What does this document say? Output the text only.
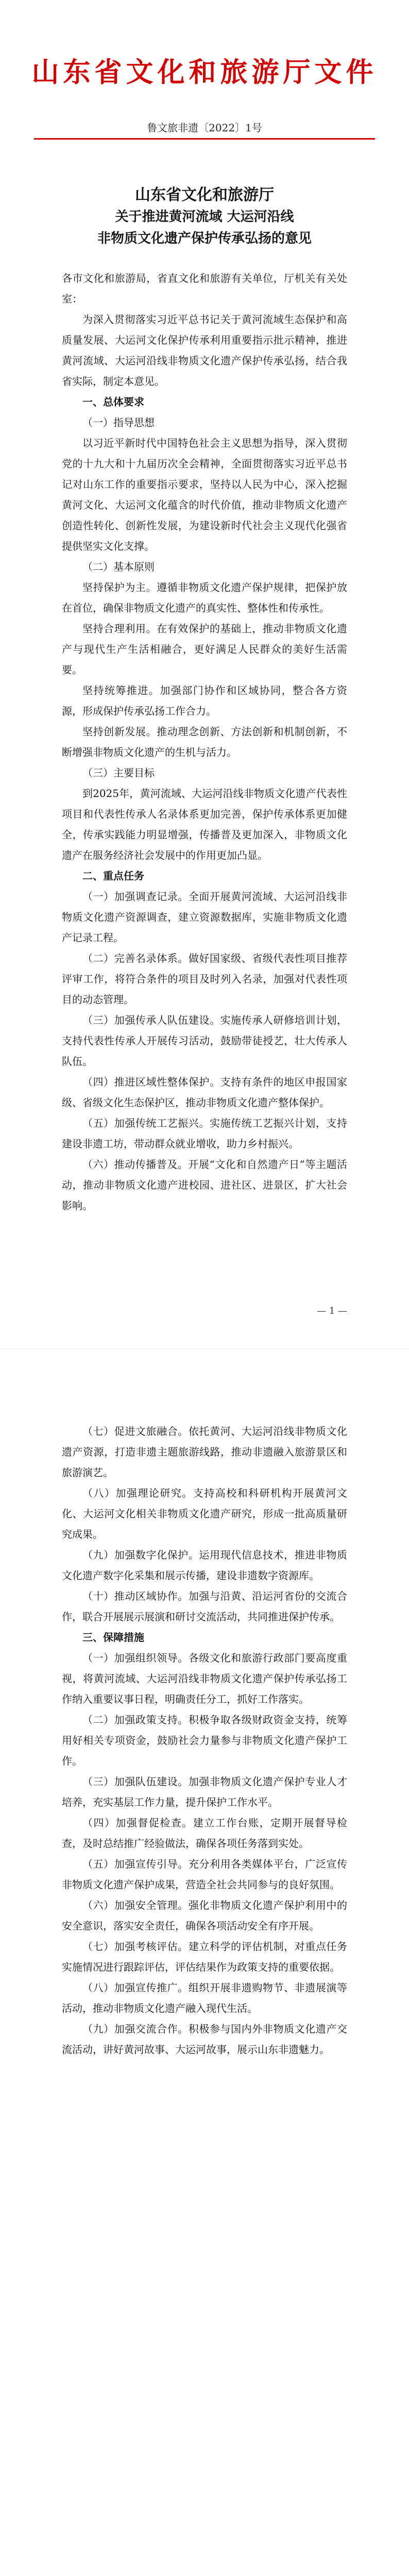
山东省文化和旅游厅文件
鲁文旅非遗〔2022〕1号
山东省文化和旅游厅
关于推进黄河流域 大运河沿线
非物质文化遗产保护传承弘扬的意见

各市文化和旅游局，省直文化和旅游有关单位，厅机关有关处室：

为深入贯彻落实习近平总书记关于黄河流域生态保护和高质量发展、大运河文化保护传承利用重要指示批示精神，推进黄河流域、大运河沿线非物质文化遗产保护传承弘扬，结合我省实际，制定本意见。

一、总体要求

（一）指导思想

以习近平新时代中国特色社会主义思想为指导，深入贯彻党的十九大和十九届历次全会精神，全面贯彻落实习近平总书记对山东工作的重要指示要求，坚持以人民为中心，深入挖掘黄河文化、大运河文化蕴含的时代价值，推动非物质文化遗产创造性转化、创新性发展，为建设新时代社会主义现代化强省提供坚实文化支撑。

（二）基本原则

坚持保护为主。遵循非物质文化遗产保护规律，把保护放在首位，确保非物质文化遗产的真实性、整体性和传承性。

坚持合理利用。在有效保护的基础上，推动非物质文化遗产与现代生产生活相融合，更好满足人民群众的美好生活需要。

坚持统筹推进。加强部门协作和区域协同，整合各方资源，形成保护传承弘扬工作合力。

坚持创新发展。推动理念创新、方法创新和机制创新，不断增强非物质文化遗产的生机与活力。

（三）主要目标

到2025年，黄河流域、大运河沿线非物质文化遗产代表性项目和代表性传承人名录体系更加完善，保护传承体系更加健全，传承实践能力明显增强，传播普及更加深入，非物质文化遗产在服务经济社会发展中的作用更加凸显。

二、重点任务

（一）加强调查记录。全面开展黄河流域、大运河沿线非物质文化遗产资源调查，建立资源数据库，实施非物质文化遗产记录工程。

（二）完善名录体系。做好国家级、省级代表性项目推荐评审工作，将符合条件的项目及时列入名录，加强对代表性项目的动态管理。

（三）加强传承人队伍建设。实施传承人研修培训计划，支持代表性传承人开展传习活动，鼓励带徒授艺，壮大传承人队伍。

（四）推进区域性整体保护。支持有条件的地区申报国家级、省级文化生态保护区，推动非物质文化遗产整体保护。

（五）加强传统工艺振兴。实施传统工艺振兴计划，支持建设非遗工坊，带动群众就业增收，助力乡村振兴。

（六）推动传播普及。开展“文化和自然遗产日”等主题活动，推动非物质文化遗产进校园、进社区、进景区，扩大社会影响。

— 1 —

（七）促进文旅融合。依托黄河、大运河沿线非物质文化遗产资源，打造非遗主题旅游线路，推动非遗融入旅游景区和旅游演艺。

（八）加强理论研究。支持高校和科研机构开展黄河文化、大运河文化相关非物质文化遗产研究，形成一批高质量研究成果。

（九）加强数字化保护。运用现代信息技术，推进非物质文化遗产数字化采集和展示传播，建设非遗数字资源库。

（十）推动区域协作。加强与沿黄、沿运河省份的交流合作，联合开展展示展演和研讨交流活动，共同推进保护传承。

三、保障措施

（一）加强组织领导。各级文化和旅游行政部门要高度重视，将黄河流域、大运河沿线非物质文化遗产保护传承弘扬工作纳入重要议事日程，明确责任分工，抓好工作落实。

（二）加强政策支持。积极争取各级财政资金支持，统筹用好相关专项资金，鼓励社会力量参与非物质文化遗产保护工作。

（三）加强队伍建设。加强非物质文化遗产保护专业人才培养，充实基层工作力量，提升保护工作水平。

（四）加强督促检查。建立工作台账，定期开展督导检查，及时总结推广经验做法，确保各项任务落到实处。

（五）加强宣传引导。充分利用各类媒体平台，广泛宣传非物质文化遗产保护成果，营造全社会共同参与的良好氛围。

（六）加强安全管理。强化非物质文化遗产保护利用中的安全意识，落实安全责任，确保各项活动安全有序开展。

（七）加强考核评估。建立科学的评估机制，对重点任务实施情况进行跟踪评估，评估结果作为政策支持的重要依据。

（八）加强宣传推广。组织开展非遗购物节、非遗展演等活动，推动非物质文化遗产融入现代生活。

（九）加强交流合作。积极参与国内外非物质文化遗产交流活动，讲好黄河故事、大运河故事，展示山东非遗魅力。
